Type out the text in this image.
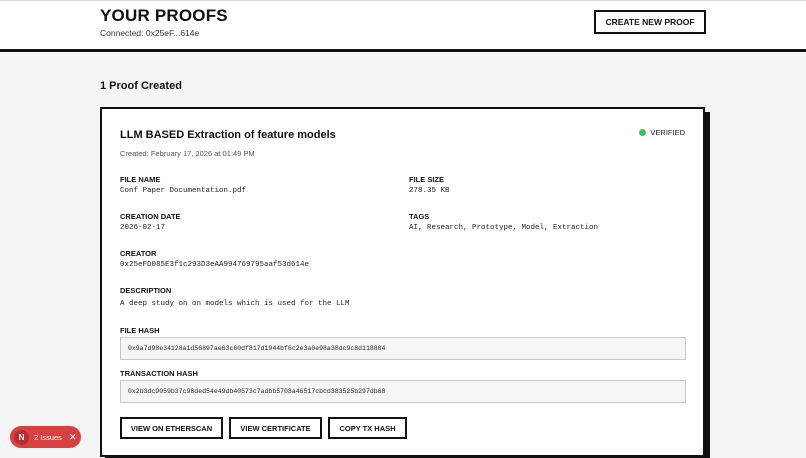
YOUR PROOFS
Connected: 0x25eF...614e
CREATE NEW PROOF
1 Proof Created
LLM BASED Extraction of feature models
Created: February 17, 2026 at 01:49 PM
VERIFIED
FILE NAME
Conf Paper Documentation.pdf
FILE SIZE
278.35 KB
CREATION DATE
2026-02-17
TAGS
AI, Research, Prototype, Model, Extraction
CREATOR
0x25eFD085E3f1c293D3eAA994769795aaf53d614e
DESCRIPTION
A deep study on on models which is used for the LLM
FILE HASH
0x9a7d98e34128a1d56897ae63c60df817d1944bf6c2e3a0e98a38dc9c8d118804
TRANSACTION HASH
0x2b3dc9059b37c98ded54e49db40573c7adbb5703a46517cbcd383525b297db68
VIEW ON ETHERSCAN	VIEW CERTIFICATE	COPY TX HASH
N	2 Issues ✕
